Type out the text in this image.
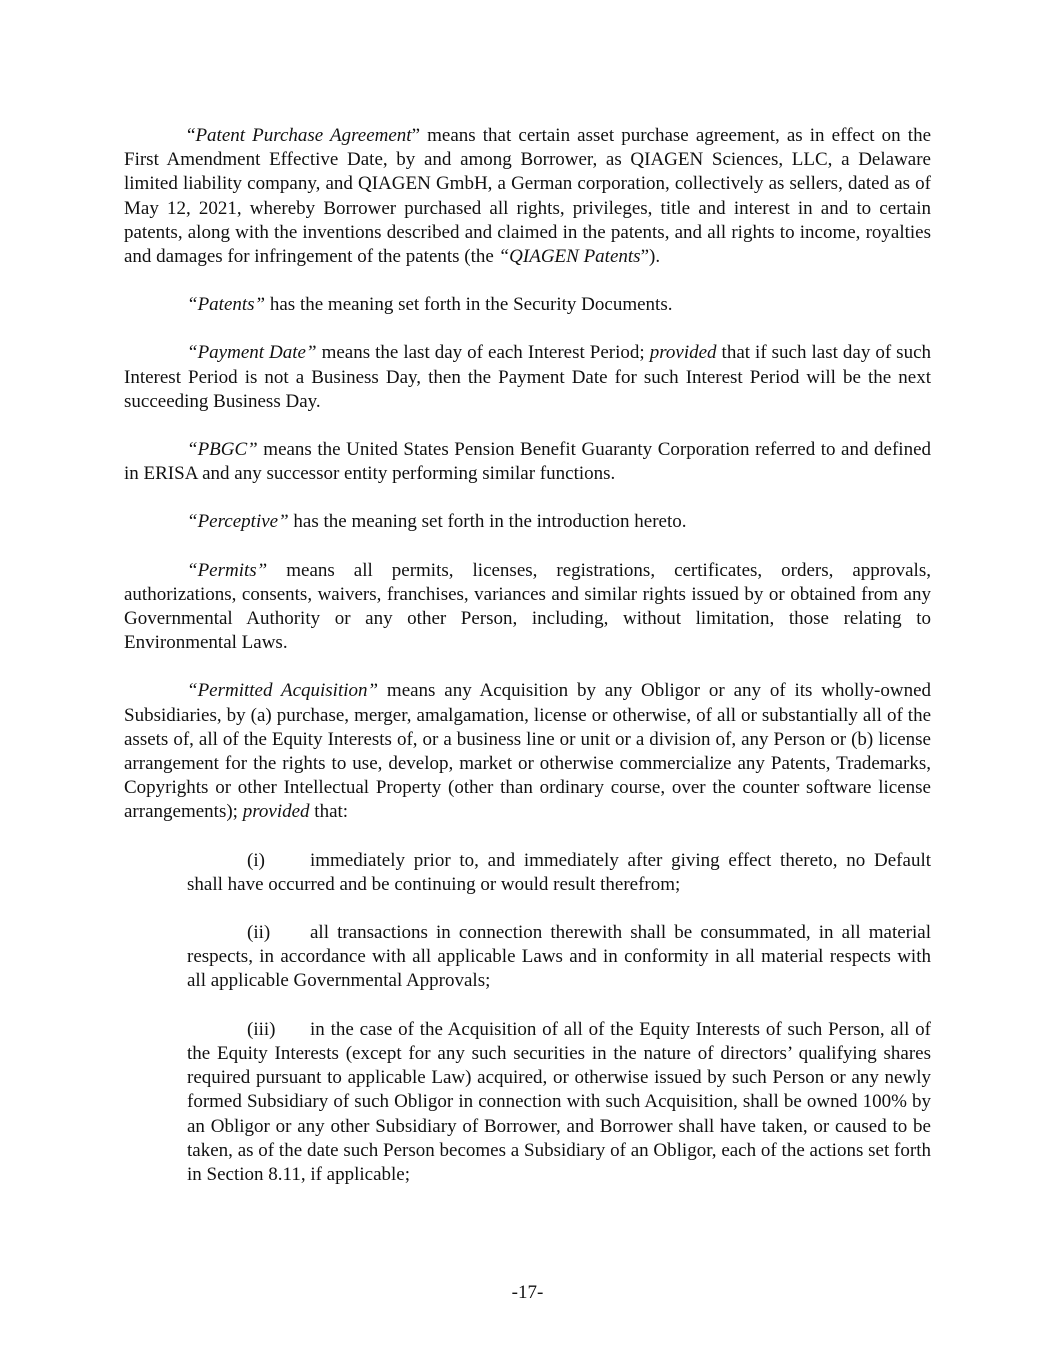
“Patent Purchase Agreement” means that certain asset purchase agreement, as in effect on the First Amendment Effective Date, by and among Borrower, as QIAGEN Sciences, LLC, a Delaware limited liability company, and QIAGEN GmbH, a German corporation, collectively as sellers, dated as of May 12, 2021, whereby Borrower purchased all rights, privileges, title and interest in and to certain patents, along with the inventions described and claimed in the patents, and all rights to income, royalties and damages for infringement of the patents (the “QIAGEN Patents”).

“Patents” has the meaning set forth in the Security Documents.

“Payment Date” means the last day of each Interest Period; provided that if such last day of such Interest Period is not a Business Day, then the Payment Date for such Interest Period will be the next succeeding Business Day.

“PBGC” means the United States Pension Benefit Guaranty Corporation referred to and defined in ERISA and any successor entity performing similar functions.

“Perceptive” has the meaning set forth in the introduction hereto.

“Permits” means all permits, licenses, registrations, certificates, orders, approvals, authorizations, consents, waivers, franchises, variances and similar rights issued by or obtained from any Governmental Authority or any other Person, including, without limitation, those relating to Environmental Laws.

“Permitted Acquisition” means any Acquisition by any Obligor or any of its wholly-owned Subsidiaries, by (a) purchase, merger, amalgamation, license or otherwise, of all or substantially all of the assets of, all of the Equity Interests of, or a business line or unit or a division of, any Person or (b) license arrangement for the rights to use, develop, market or otherwise commercialize any Patents, Trademarks, Copyrights or other Intellectual Property (other than ordinary course, over the counter software license arrangements); provided that:

(i) immediately prior to, and immediately after giving effect thereto, no Default shall have occurred and be continuing or would result therefrom;

(ii) all transactions in connection therewith shall be consummated, in all material respects, in accordance with all applicable Laws and in conformity in all material respects with all applicable Governmental Approvals;

(iii) in the case of the Acquisition of all of the Equity Interests of such Person, all of the Equity Interests (except for any such securities in the nature of directors’ qualifying shares required pursuant to applicable Law) acquired, or otherwise issued by such Person or any newly formed Subsidiary of such Obligor in connection with such Acquisition, shall be owned 100% by an Obligor or any other Subsidiary of Borrower, and Borrower shall have taken, or caused to be taken, as of the date such Person becomes a Subsidiary of an Obligor, each of the actions set forth in Section 8.11, if applicable;

-17-
